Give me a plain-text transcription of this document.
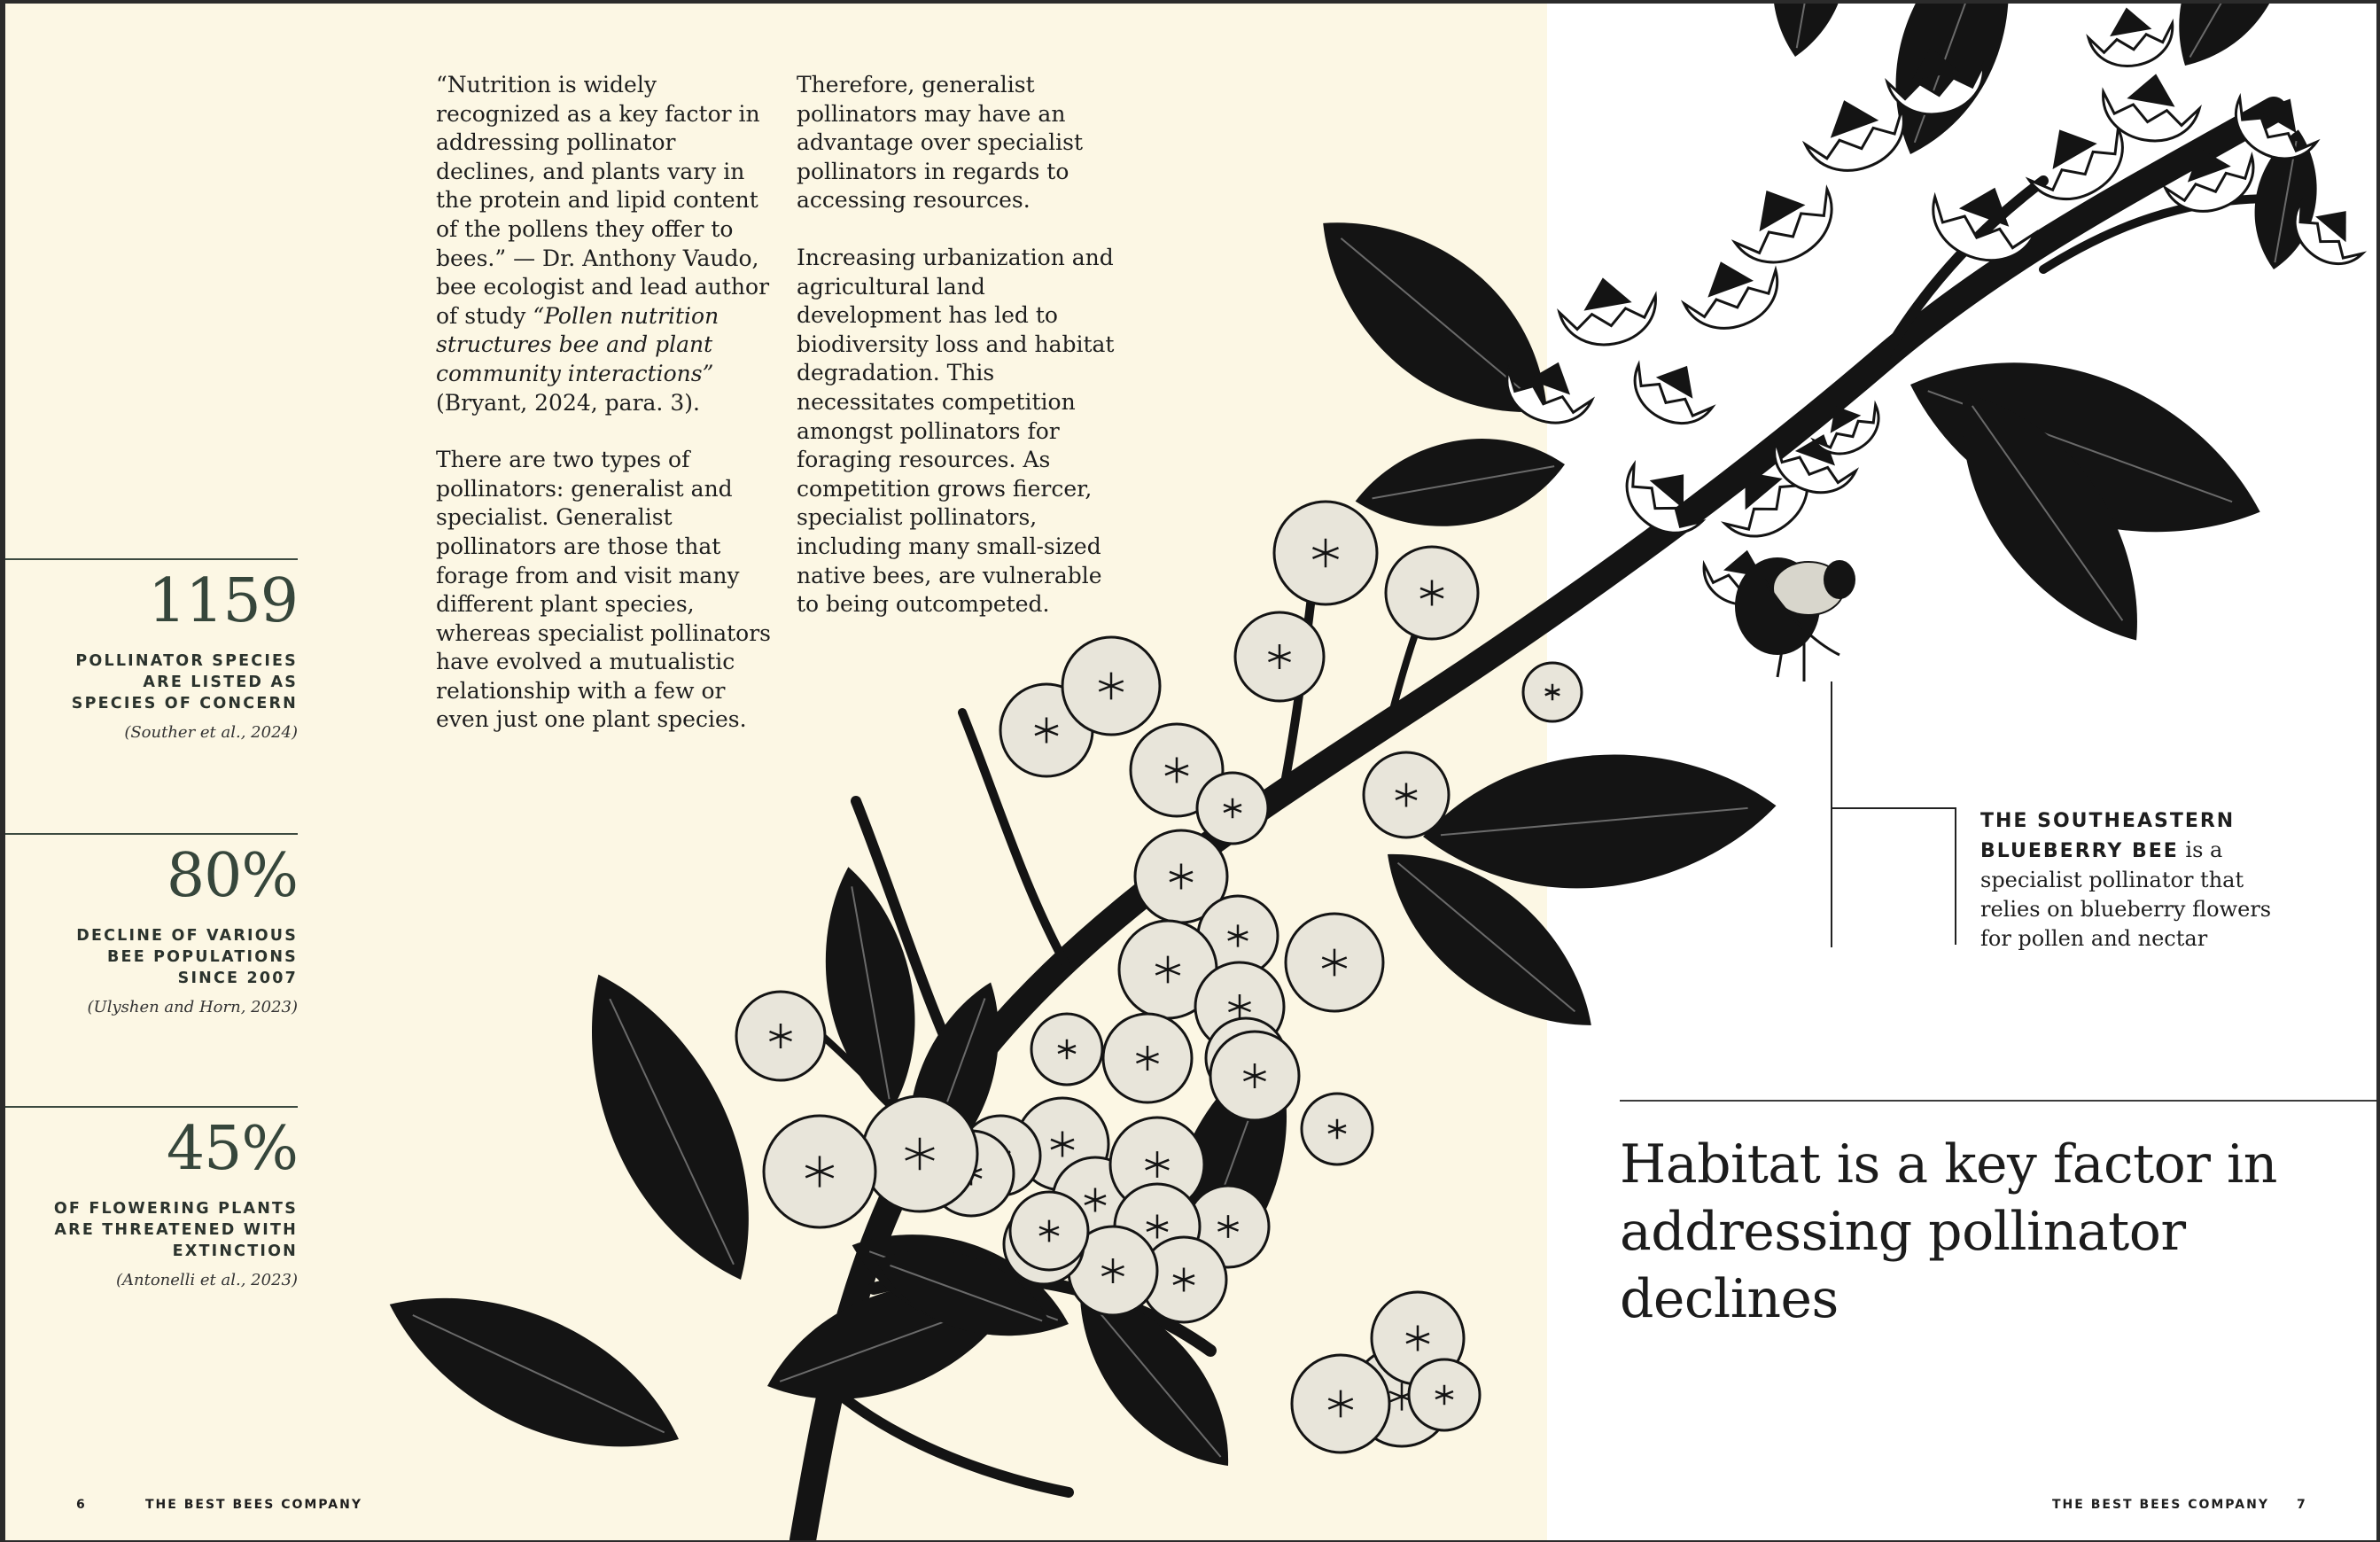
1159
POLLINATOR SPECIES
ARE LISTED AS
SPECIES OF CONCERN
(Souther et al., 2024)
80%
DECLINE OF VARIOUS
BEE POPULATIONS
SINCE 2007
(Ulyshen and Horn, 2023)
45%
OF FLOWERING PLANTS
ARE THREATENED WITH
EXTINCTION
(Antonelli et al., 2023)

“Nutrition is widely recognized as a key factor in addressing pollinator declines, and plants vary in the protein and lipid content of the pollens they offer to bees.” — Dr. Anthony Vaudo, bee ecologist and lead author of study “Pollen nutrition structures bee and plant community interactions” (Bryant, 2024, para. 3).

There are two types of pollinators: generalist and specialist. Generalist pollinators are those that forage from and visit many different plant species, whereas specialist pollinators have evolved a mutualistic relationship with a few or even just one plant species.

Therefore, generalist pollinators may have an advantage over specialist pollinators in regards to accessing resources.

Increasing urbanization and agricultural land development has led to biodiversity loss and habitat degradation. This necessitates competition amongst pollinators for foraging resources. As competition grows fiercer, specialist pollinators, including many small-sized native bees, are vulnerable to being outcompeted.

THE SOUTHEASTERN BLUEBERRY BEE is a specialist pollinator that relies on blueberry flowers for pollen and nectar
Habitat is a key factor in addressing pollinator declines
6	THE BEST BEES COMPANY	THE BEST BEES COMPANY 7
